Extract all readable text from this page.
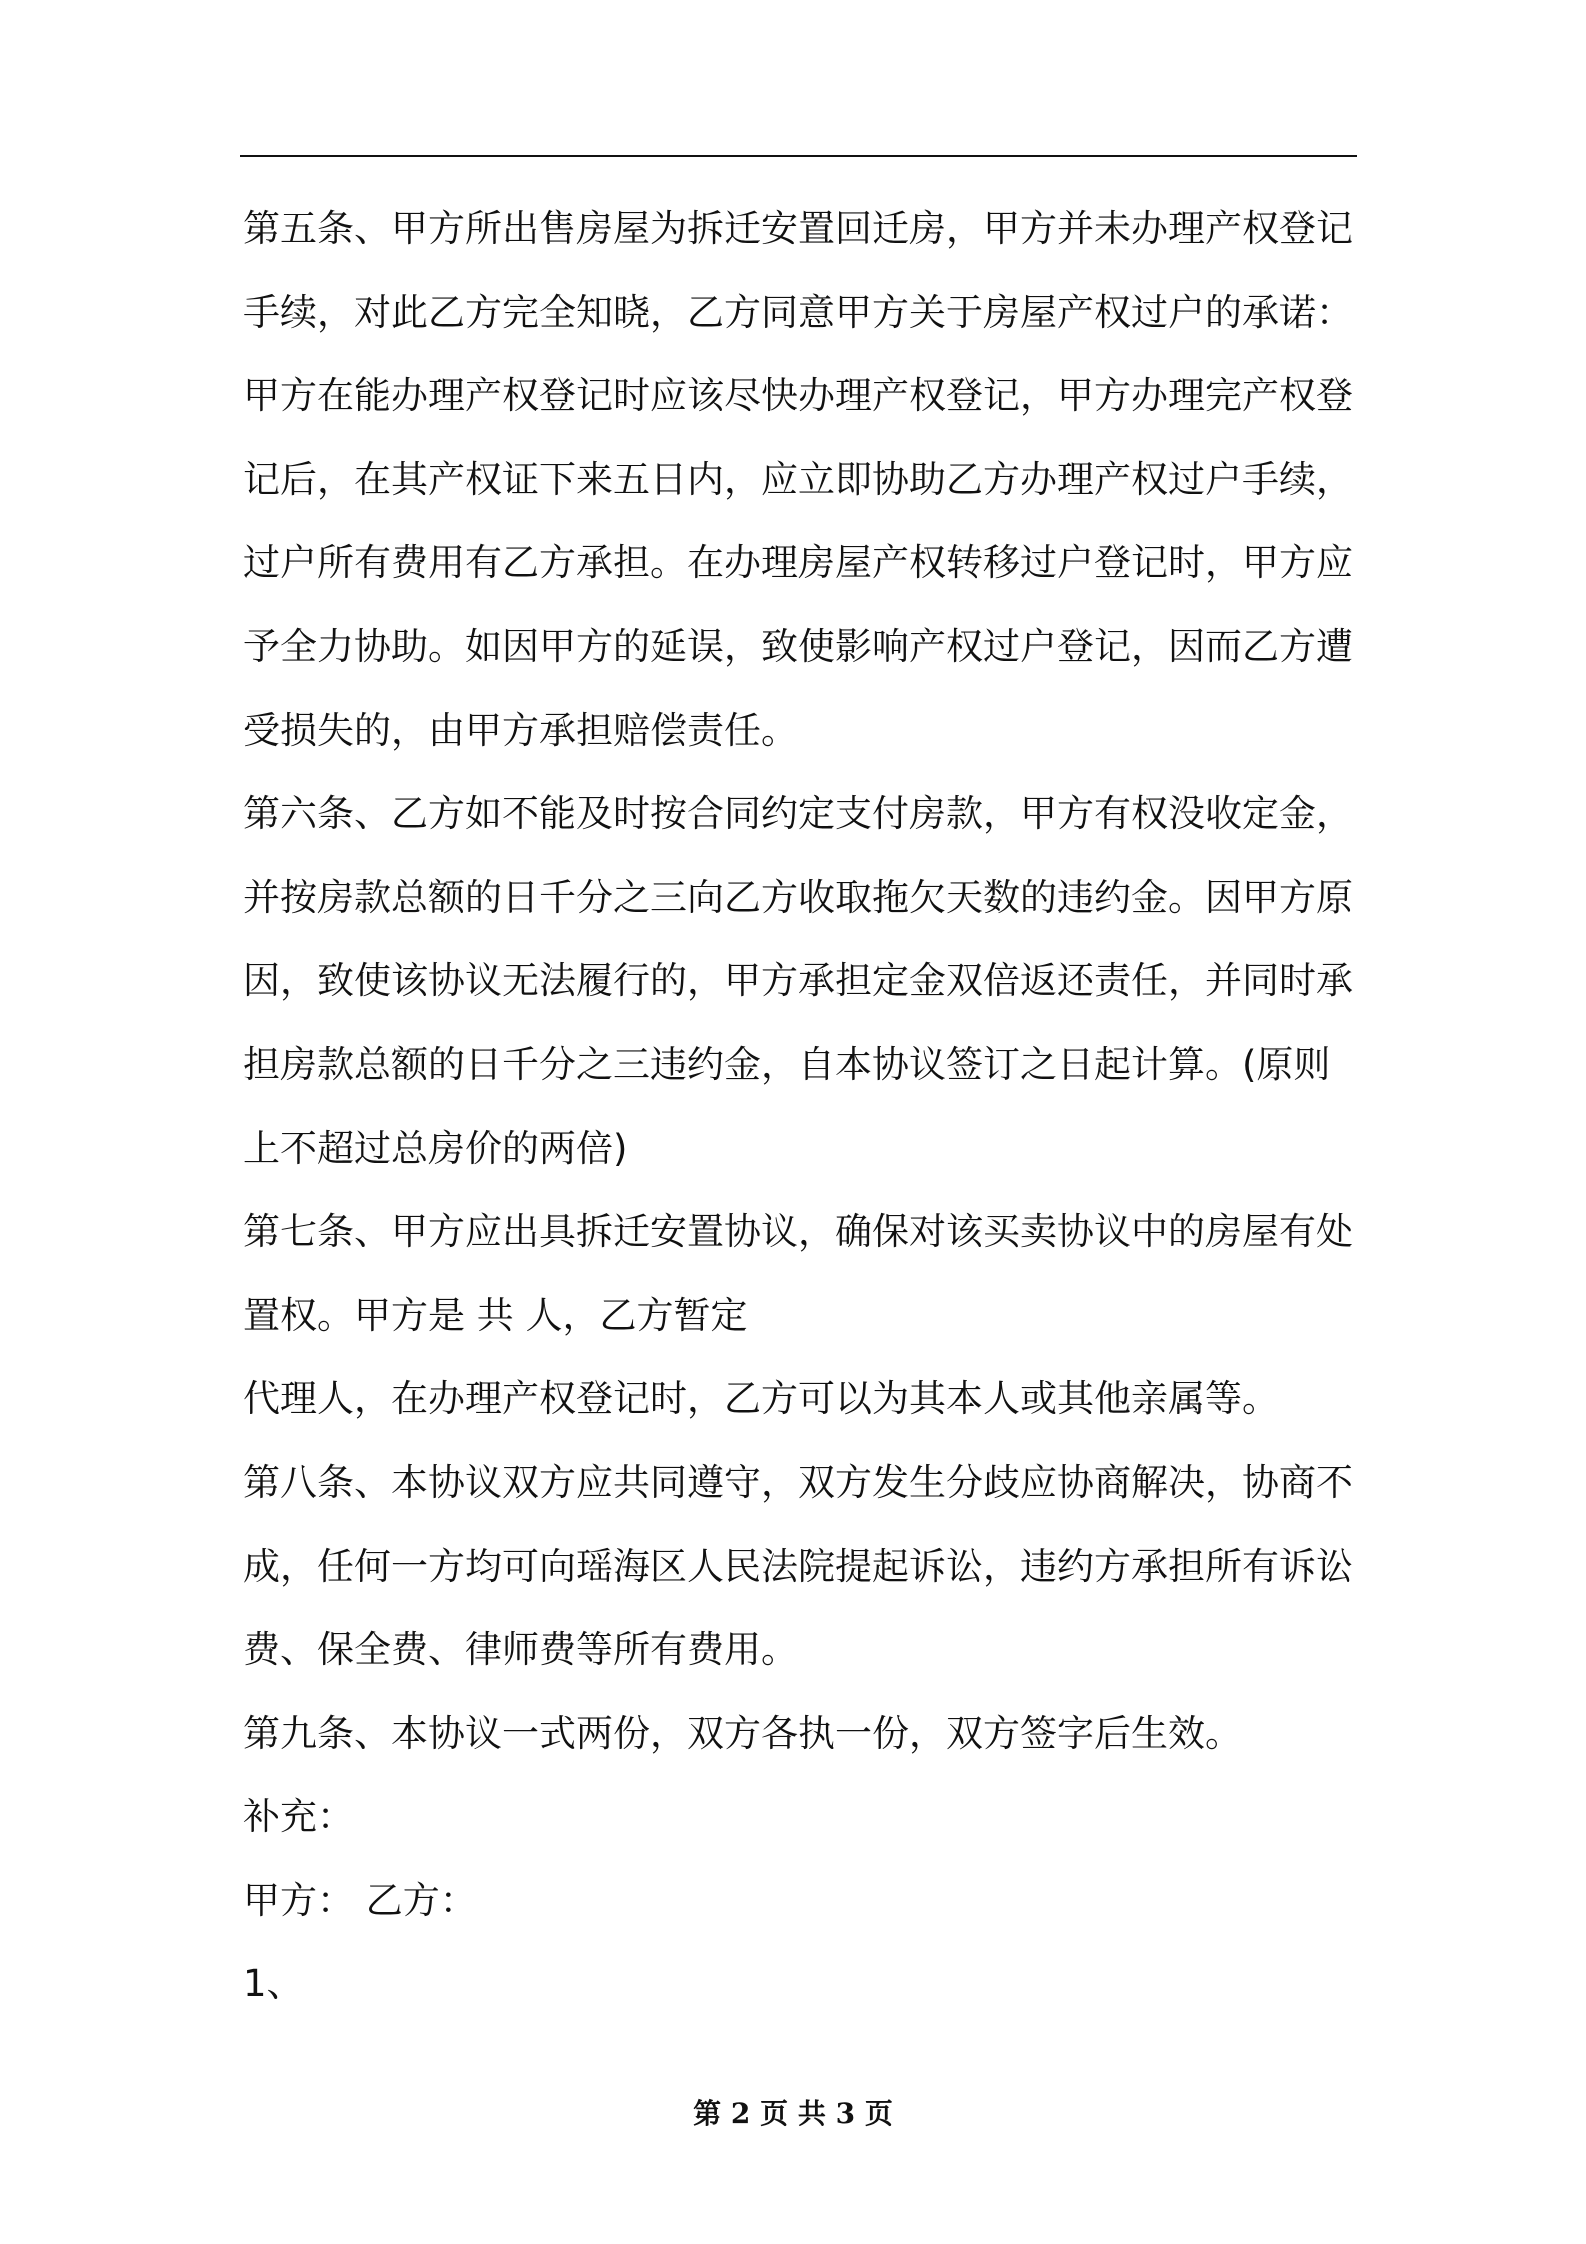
第五条、甲方所出售房屋为拆迁安置回迁房，甲方并未办理产权登记
手续，对此乙方完全知晓，乙方同意甲方关于房屋产权过户的承诺：
甲方在能办理产权登记时应该尽快办理产权登记，甲方办理完产权登
记后，在其产权证下来五日内，应立即协助乙方办理产权过户手续，
过户所有费用有乙方承担。在办理房屋产权转移过户登记时，甲方应
予全力协助。如因甲方的延误，致使影响产权过户登记，因而乙方遭
受损失的，由甲方承担赔偿责任。
第六条、乙方如不能及时按合同约定支付房款，甲方有权没收定金，
并按房款总额的日千分之三向乙方收取拖欠天数的违约金。因甲方原
因，致使该协议无法履行的，甲方承担定金双倍返还责任，并同时承
担房款总额的日千分之三违约金，自本协议签订之日起计算。(原则
上不超过总房价的两倍)
第七条、甲方应出具拆迁安置协议，确保对该买卖协议中的房屋有处
置权。甲方是 共 人，乙方暂定
代理人，在办理产权登记时，乙方可以为其本人或其他亲属等。
第八条、本协议双方应共同遵守，双方发生分歧应协商解决，协商不
成，任何一方均可向瑶海区人民法院提起诉讼，违约方承担所有诉讼
费、保全费、律师费等所有费用。
第九条、本协议一式两份，双方各执一份，双方签字后生效。
补充：
甲方： 乙方：
1、
第 2 页 共 3 页
